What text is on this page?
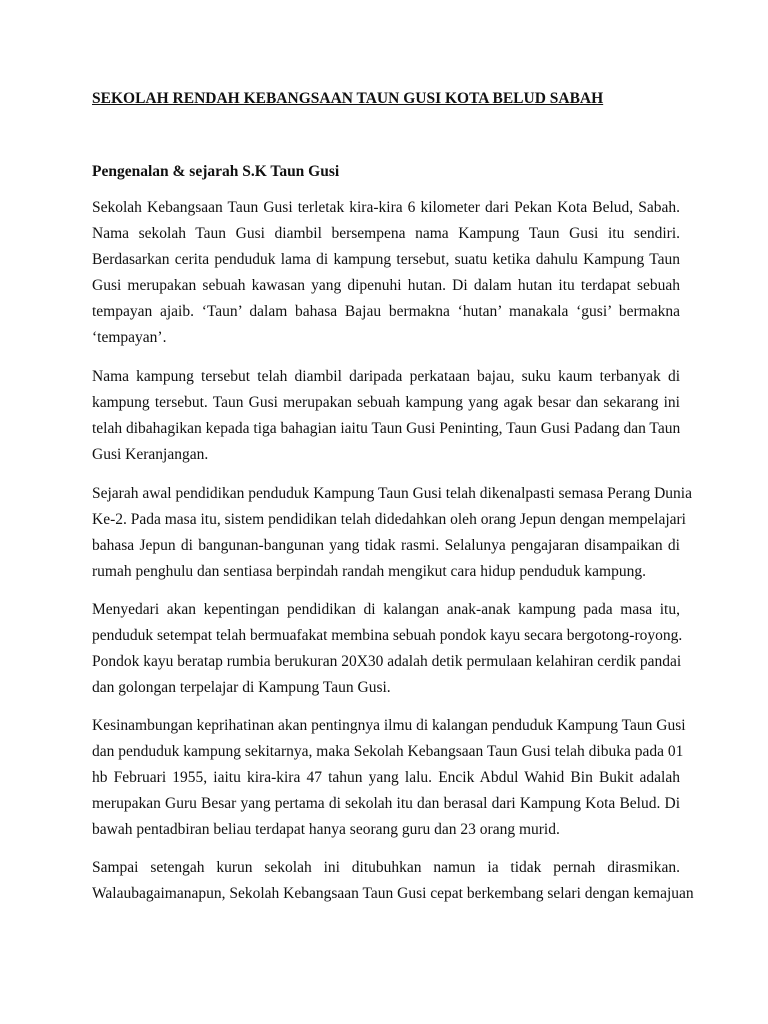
SEKOLAH RENDAH KEBANGSAAN TAUN GUSI KOTA BELUD SABAH
Pengenalan & sejarah S.K Taun Gusi
Sekolah Kebangsaan Taun Gusi terletak kira-kira 6 kilometer dari Pekan Kota Belud, Sabah.
Nama sekolah Taun Gusi diambil bersempena nama Kampung Taun Gusi itu sendiri.
Berdasarkan cerita penduduk lama di kampung tersebut, suatu ketika dahulu Kampung Taun
Gusi merupakan sebuah kawasan yang dipenuhi hutan. Di dalam hutan itu terdapat sebuah
tempayan ajaib. ‘Taun’ dalam bahasa Bajau bermakna ‘hutan’ manakala ‘gusi’ bermakna
‘tempayan’.
Nama kampung tersebut telah diambil daripada perkataan bajau, suku kaum terbanyak di
kampung tersebut. Taun Gusi merupakan sebuah kampung yang agak besar dan sekarang ini
telah dibahagikan kepada tiga bahagian iaitu Taun Gusi Peninting, Taun Gusi Padang dan Taun
Gusi Keranjangan.
Sejarah awal pendidikan penduduk Kampung Taun Gusi telah dikenalpasti semasa Perang Dunia
Ke-2. Pada masa itu, sistem pendidikan telah didedahkan oleh orang Jepun dengan mempelajari
bahasa Jepun di bangunan-bangunan yang tidak rasmi. Selalunya pengajaran disampaikan di
rumah penghulu dan sentiasa berpindah randah mengikut cara hidup penduduk kampung.
Menyedari akan kepentingan pendidikan di kalangan anak-anak kampung pada masa itu,
penduduk setempat telah bermuafakat membina sebuah pondok kayu secara bergotong-royong.
Pondok kayu beratap rumbia berukuran 20X30 adalah detik permulaan kelahiran cerdik pandai
dan golongan terpelajar di Kampung Taun Gusi.
Kesinambungan keprihatinan akan pentingnya ilmu di kalangan penduduk Kampung Taun Gusi
dan penduduk kampung sekitarnya, maka Sekolah Kebangsaan Taun Gusi telah dibuka pada 01
hb Februari 1955, iaitu kira-kira 47 tahun yang lalu. Encik Abdul Wahid Bin Bukit adalah
merupakan Guru Besar yang pertama di sekolah itu dan berasal dari Kampung Kota Belud. Di
bawah pentadbiran beliau terdapat hanya seorang guru dan 23 orang murid.
Sampai setengah kurun sekolah ini ditubuhkan namun ia tidak pernah dirasmikan.
Walaubagaimanapun, Sekolah Kebangsaan Taun Gusi cepat berkembang selari dengan kemajuan
